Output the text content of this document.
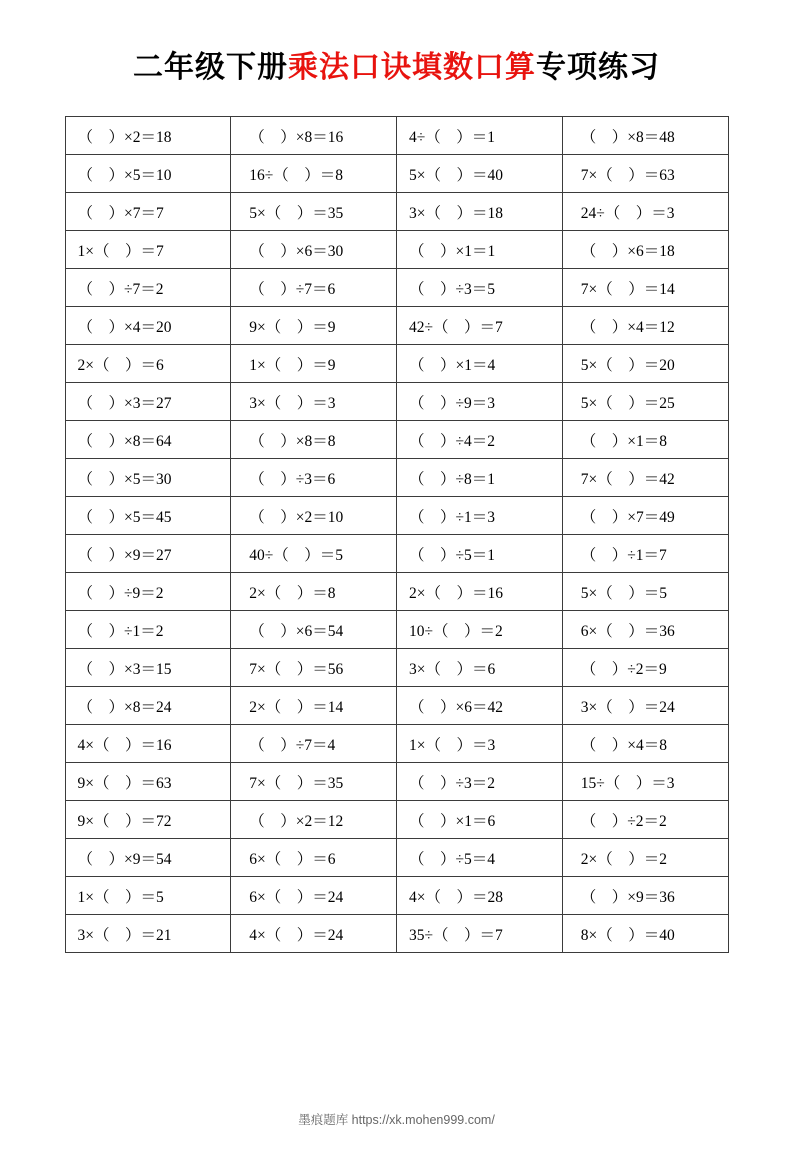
二年级下册乘法口诀填数口算专项练习
（　）×2＝18	（　）×8＝16	4÷（　）＝1	（　）×8＝48
（　）×5＝10	16÷（　）＝8	5×（　）＝40	7×（　）＝63
（　）×7＝7	5×（　）＝35	3×（　）＝18	24÷（　）＝3
1×（　）＝7	（　）×6＝30	（　）×1＝1	（　）×6＝18
（　）÷7＝2	（　）÷7＝6	（　）÷3＝5	7×（　）＝14
（　）×4＝20	9×（　）＝9	42÷（　）＝7	（　）×4＝12
2×（　）＝6	1×（　）＝9	（　）×1＝4	5×（　）＝20
（　）×3＝27	3×（　）＝3	（　）÷9＝3	5×（　）＝25
（　）×8＝64	（　）×8＝8	（　）÷4＝2	（　）×1＝8
（　）×5＝30	（　）÷3＝6	（　）÷8＝1	7×（　）＝42
（　）×5＝45	（　）×2＝10	（　）÷1＝3	（　）×7＝49
（　）×9＝27	40÷（　）＝5	（　）÷5＝1	（　）÷1＝7
（　）÷9＝2	2×（　）＝8	2×（　）＝16	5×（　）＝5
（　）÷1＝2	（　）×6＝54	10÷（　）＝2	6×（　）＝36
（　）×3＝15	7×（　）＝56	3×（　）＝6	（　）÷2＝9
（　）×8＝24	2×（　）＝14	（　）×6＝42	3×（　）＝24
4×（　）＝16	（　）÷7＝4	1×（　）＝3	（　）×4＝8
9×（　）＝63	7×（　）＝35	（　）÷3＝2	15÷（　）＝3
9×（　）＝72	（　）×2＝12	（　）×1＝6	（　）÷2＝2
（　）×9＝54	6×（　）＝6	（　）÷5＝4	2×（　）＝2
1×（　）＝5	6×（　）＝24	4×（　）＝28	（　）×9＝36
3×（　）＝21	4×（　）＝24	35÷（　）＝7	8×（　）＝40
墨痕题库 https://xk.mohen999.com/
